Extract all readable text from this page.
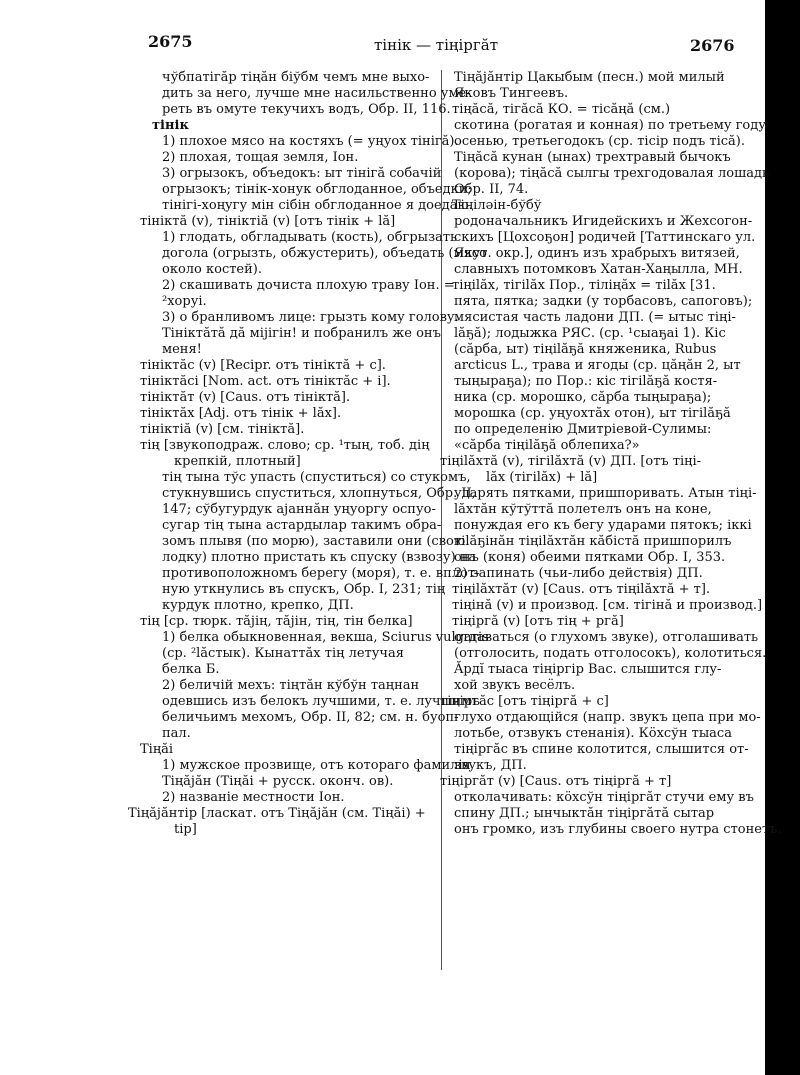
2675	тінік — тіңіргăт	2676
чўбпатігăр тіңăн біўбм чемъ мне выхо-
дить за него, лучше мне насильственно уме-
реть въ омуте текучихъ водъ, Обр. II, 116.
тінік
1) плохое мясо на костяхъ (= уңуох тінігă).
2) плохая, тощая земля, Іон.
3) огрызокъ, объедокъ: ыт тінігă собачій
огрызокъ; тінік-хонук обглоданное, объедки;
тінігі-хоңугу мін сібін обглоданное я доедаю.
тініктă (v), тініктіă (v) [отъ тінік + lă]
1) глодать, обгладывать (кость), обгрызать
догола (огрызть, обжустерить), объедать (мясо
около костей).
2) скашивать дочиста плохую траву Іон. =
²хоруі.
3) о бранливомъ лице: грызть кому голову.
Тініктăтă дă міјігін! и побранилъ же онъ
меня!
тініктăс (v) [Recipr. отъ тініктă + с].
тініктăсі [Nom. act. отъ тініктăс + і].
тініктăт (v) [Caus. отъ тініктă].
тініктăх [Adj. отъ тінік + lăx].
тініктіă (v) [см. тініктă].
тің [звукоподраж. слово; ср. ¹тың, тоб. дің
крепкій, плотный]
тің тына тўс упасть (спуститься) со стукомъ,
стукнувшись спуститься, хлопнуться, Обр. II,
147; сўбугурдук ајаннăн уңуоргу оспуо-
сугар тің тына астардылар такимъ обра-
зомъ плывя (по морю), заставили они (свою
лодку) плотно пристать къ спуску (взвозу) на
противоположномъ берегу (моря), т. е. вплот-
ную уткнулись въ спускъ, Обр. I, 231; тің
курдук плотно, крепко, ДП.
тің [ср. тюрк. тăјің, тăјін, тің, тін белка]
1) белка обыкновенная, векша, Sciurus vulgaris
(ср. ²lăстык). Кынаттăх тің летучая
белка Б.
2) беличій мехъ: тіңтăн кўбўн таңнан
одевшись изъ белокъ лучшими, т. е. лучшимъ
беличьимъ мехомъ, Обр. II, 82; см. н. буоп-
пал.
Тіңăі
1) мужское прозвище, отъ котораго фамилія
Тіңăјăн (Тіңăі + русск. оконч. ов).
2) названіе местности Іон.
Тіңăјăнтір [ласкат. отъ Тіңăјăн (см. Тіңăі) +
tір]
Тіңăјăнтір Цакыбым (песн.) мой милый
Яковъ Тингеевъ.
тіңăсă, тігăсă КО. = тісăңă (см.)
скотина (рогатая и конная) по третьему году
осенью, третьегодокъ (ср. тісір подъ тісă).
Тіңăсă кунан (ынах) трехтравый бычокъ
(корова); тіңăсă сылгы трехгодовалая лошадь
Обр. II, 74.
Тіңіләін-бўбў
родоначальникъ Игидейскихъ и Жехсогон-
скихъ [Цохсоҕон] родичей [Таттинскаго ул.
Якут. окр.], одинъ изъ храбрыхъ витязей,
славныхъ потомковъ Хатан-Хаңылла, МН.
тіңіlăх, тігіlăх Пор., тіліңăх = тіlăх [31.
пята, пятка; задки (у торбасовъ, сапоговъ);
мясистая часть ладони ДП. (= ытыс тіңі-
lăҕă); лодыжка РЯС. (ср. ¹сыаҕаі 1). Кіс
(сăрба, ыт) тіңіlăҕă княженика, Rubus
arcticus L., трава и ягоды (ср. цăңăн 2, ыт
тыңыраҕа); по Пор.: кіс тігіlăҕă костя-
ника (ср. морошко, сăрба тыңыраҕа);
морошка (ср. уңуохтăх отон), ыт тігіlăҕă
по определенію Дмитріевой-Сулимы:
«сăрба тіңіlăҕă облепиха?»
тіңіlăхтă (v), тігіlăхтă (v) ДП. [отъ тіңі-
lăх (тігіlăх) + lă]
ударять пятками, пришпоривать. Атын тіңі-
lăхтăн кўтўттă полетелъ онъ на коне,
понуждая его къ бегу ударами пятокъ; іккі
тіlăҕінăн тіңіlăхтăн кăбістă пришпорилъ
онъ (коня) обеими пятками Обр. I, 353.
2) запинать (чьи-либо действія) ДП.
тіңіlăхтăт (v) [Caus. отъ тіңіlăхтă + т].
тіңінă (v) и производ. [см. тігінă и производ.]
тіңіргă (v) [отъ тің + ргă]
отдаваться (о глухомъ звуке), отголашивать
(отголосить, подать отголосокъ), колотиться.
Ăрдĭ тыаса тіңіргір Вас. слышится глу-
хой звукъ весёлъ.
тіңіргăс [отъ тіңіргă + с]
глухо отдающійся (напр. звукъ цепа при мо-
лотьбе, отзвукъ стенанія). Кöхсўн тыаса
тіңіргăс въ спине колотится, слышится от-
звукъ, ДП.
тіңіргăт (v) [Caus. отъ тіңіргă + т]
отколачивать: кöхсўн тіңіргăт стучи ему въ
спину ДП.; ынчыктăн тіңіргăтă сытар
онъ громко, изъ глубины своего нутра стонетъ.
